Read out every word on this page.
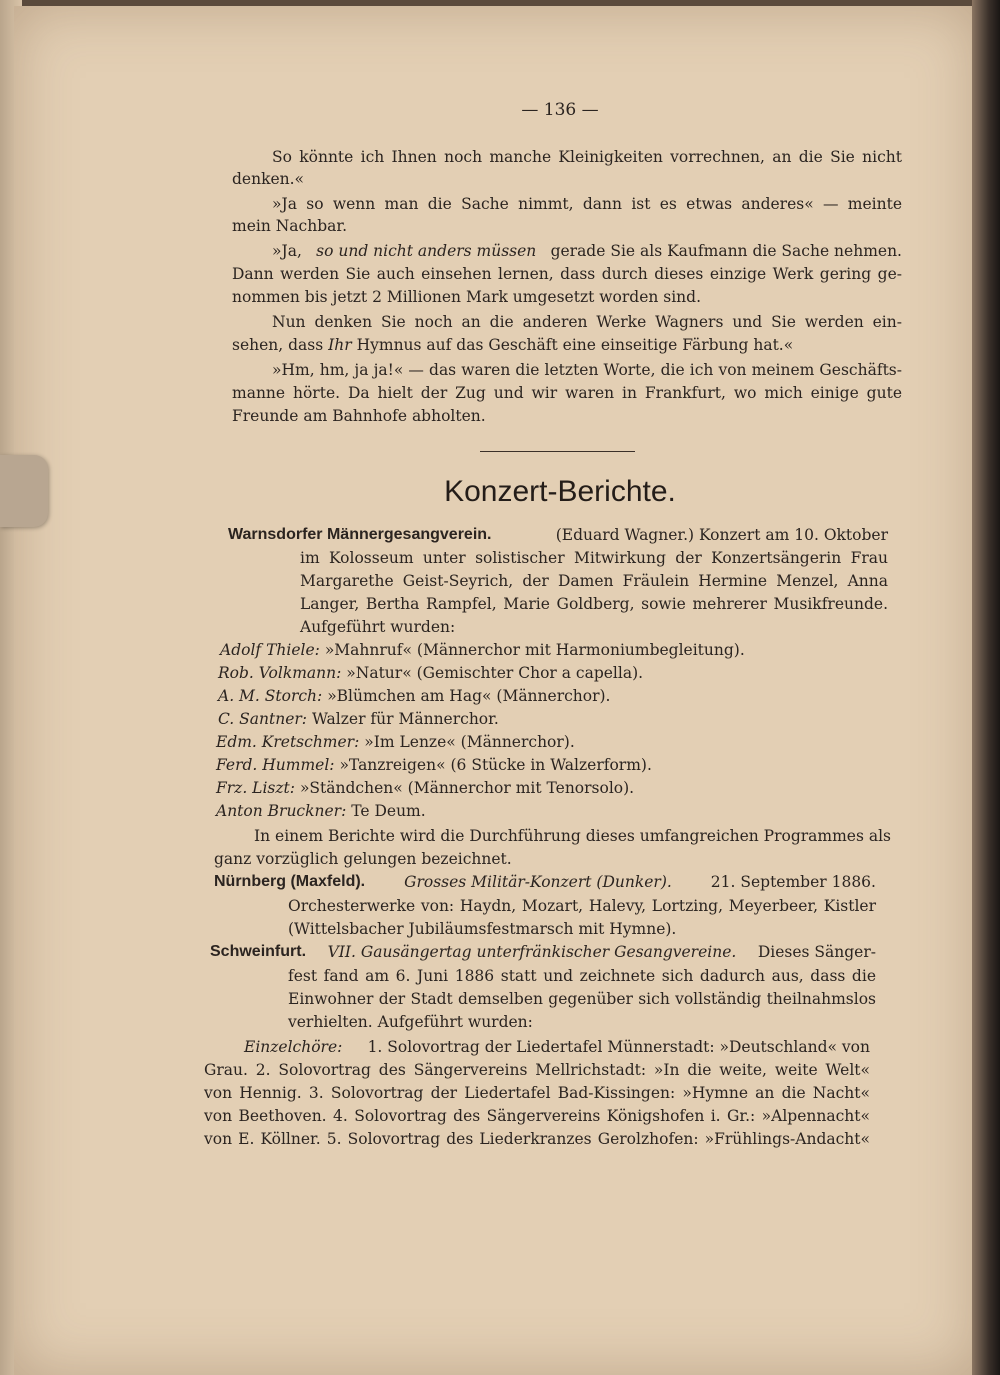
— 136 —
So könnte ich Ihnen noch manche Kleinigkeiten vorrechnen, an die Sie nicht
denken.«
»Ja so wenn man die Sache nimmt, dann ist es etwas anderes« — meinte
mein Nachbar.
»Ja, so und nicht anders müssen gerade Sie als Kaufmann die Sache nehmen.
Dann werden Sie auch einsehen lernen, dass durch dieses einzige Werk gering ge-
nommen bis jetzt 2 Millionen Mark umgesetzt worden sind.
Nun denken Sie noch an die anderen Werke Wagners und Sie werden ein-
sehen, dass Ihr Hymnus auf das Geschäft eine einseitige Färbung hat.«
»Hm, hm, ja ja!« — das waren die letzten Worte, die ich von meinem Geschäfts-
manne hörte. Da hielt der Zug und wir waren in Frankfurt, wo mich einige gute
Freunde am Bahnhofe abholten.
Konzert-Berichte.
Warnsdorfer Männergesangverein.	(Eduard Wagner.) Konzert am 10. Oktober
im Kolosseum unter solistischer Mitwirkung der Konzertsängerin Frau
Margarethe Geist-Seyrich, der Damen Fräulein Hermine Menzel, Anna
Langer, Bertha Rampfel, Marie Goldberg, sowie mehrerer Musikfreunde.
Aufgeführt wurden:
Adolf Thiele: »Mahnruf« (Männerchor mit Harmoniumbegleitung).
Rob. Volkmann: »Natur« (Gemischter Chor a capella).
A. M. Storch: »Blümchen am Hag« (Männerchor).
C. Santner: Walzer für Männerchor.
Edm. Kretschmer: »Im Lenze« (Männerchor).
Ferd. Hummel: »Tanzreigen« (6 Stücke in Walzerform).
Frz. Liszt: »Ständchen« (Männerchor mit Tenorsolo).
Anton Bruckner: Te Deum.
In einem Berichte wird die Durchführung dieses umfangreichen Programmes als
ganz vorzüglich gelungen bezeichnet.
Nürnberg (Maxfeld).	Grosses Militär-Konzert (Dunker).	21. September 1886.
Orchesterwerke von: Haydn, Mozart, Halevy, Lortzing, Meyerbeer, Kistler
(Wittelsbacher Jubiläumsfestmarsch mit Hymne).
Schweinfurt. VII. Gausängertag unterfränkischer Gesangvereine. Dieses Sänger-
fest fand am 6. Juni 1886 statt und zeichnete sich dadurch aus, dass die
Einwohner der Stadt demselben gegenüber sich vollständig theilnahmslos
verhielten. Aufgeführt wurden:
Einzelchöre: 1. Solovortrag der Liedertafel Münnerstadt: »Deutschland« von
Grau. 2. Solovortrag des Sängervereins Mellrichstadt: »In die weite, weite Welt«
von Hennig. 3. Solovortrag der Liedertafel Bad-Kissingen: »Hymne an die Nacht«
von Beethoven. 4. Solovortrag des Sängervereins Königshofen i. Gr.: »Alpennacht«
von E. Köllner. 5. Solovortrag des Liederkranzes Gerolzhofen: »Frühlings-Andacht«
